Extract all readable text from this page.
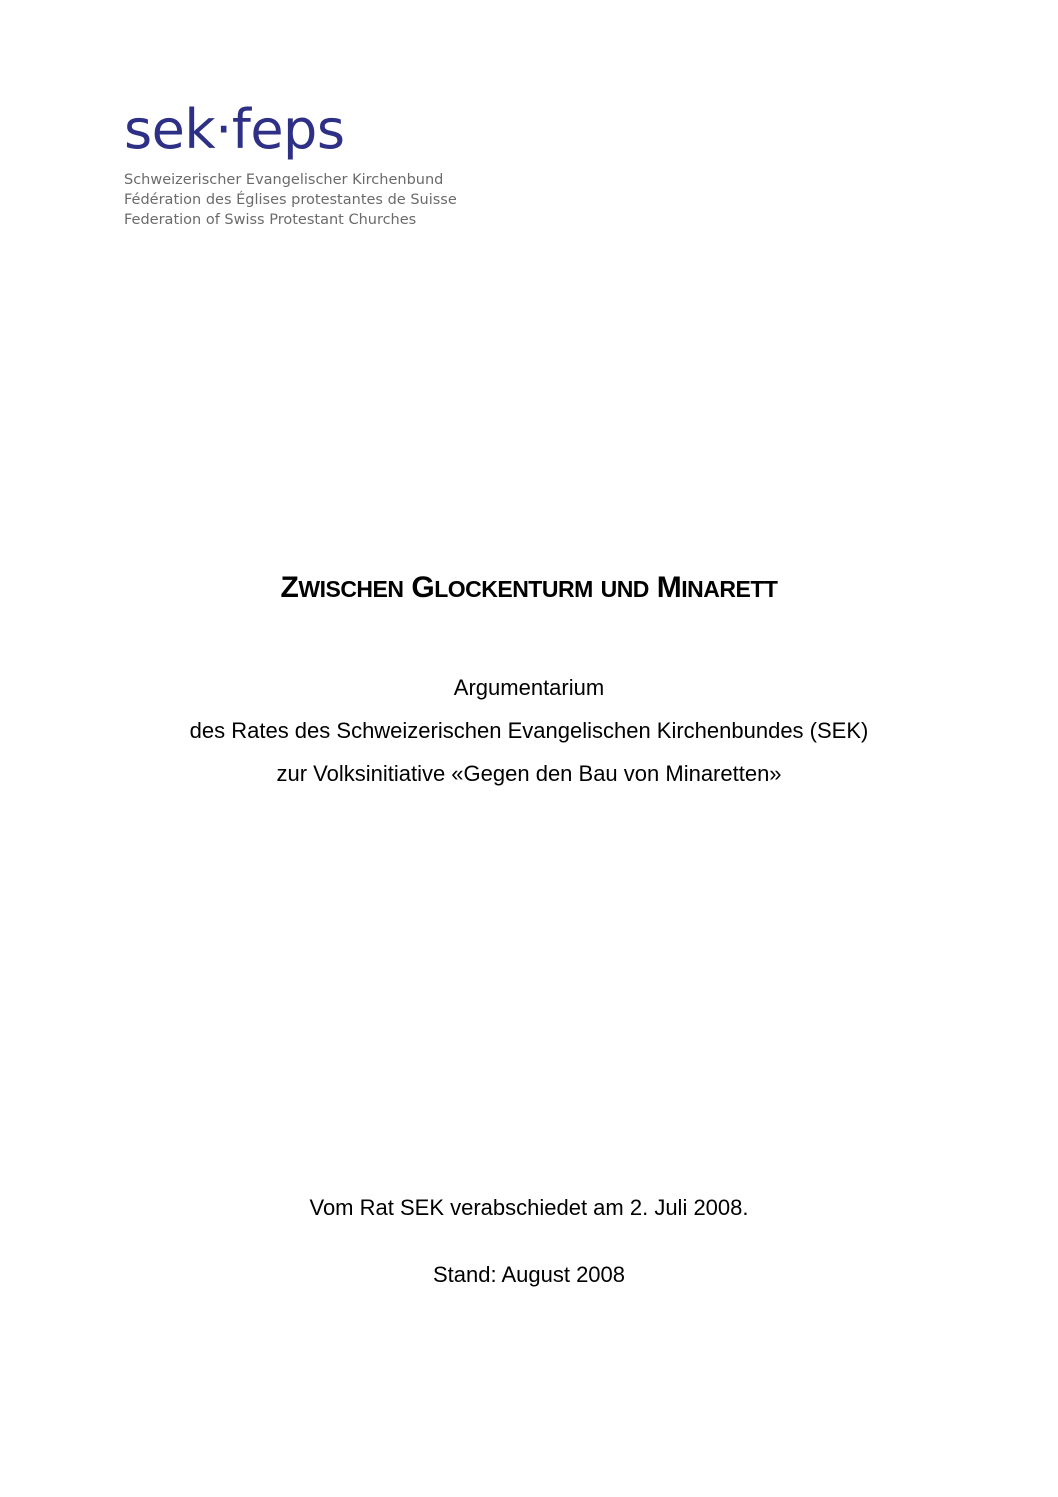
sek·feps
Schweizerischer Evangelischer Kirchenbund
Fédération des Églises protestantes de Suisse
Federation of Swiss Protestant Churches
ZWISCHEN GLOCKENTURM UND MINARETT
Argumentarium
des Rates des Schweizerischen Evangelischen Kirchenbundes (SEK)
zur Volksinitiative «Gegen den Bau von Minaretten»
Vom Rat SEK verabschiedet am 2. Juli 2008.
Stand: August 2008
